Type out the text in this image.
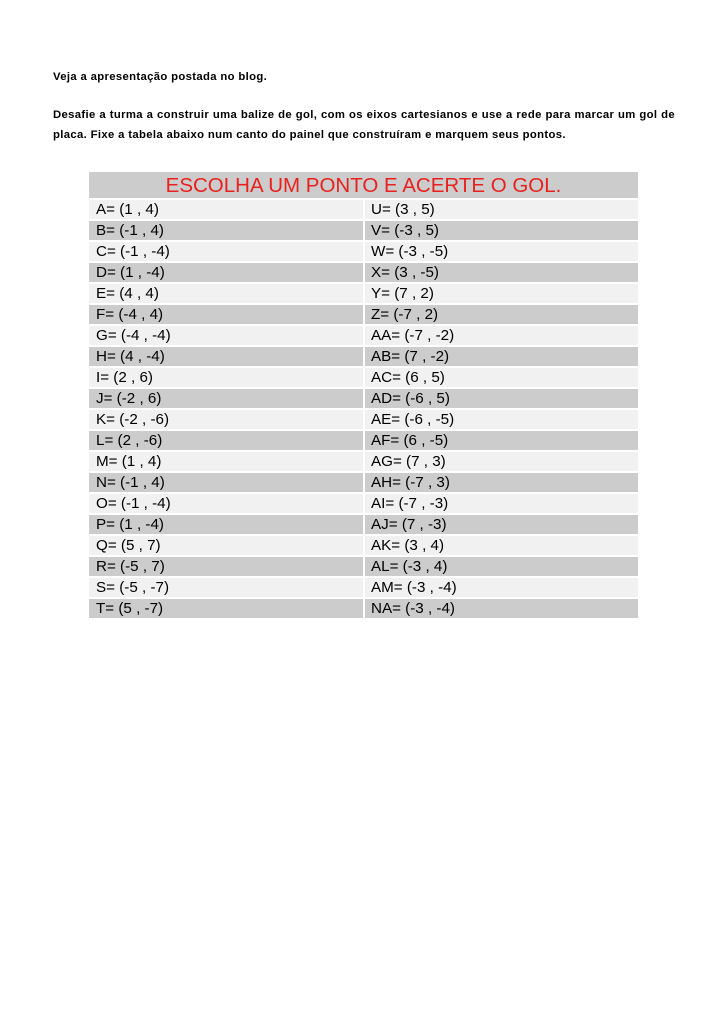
Veja a apresentação postada no blog.

Desafie a turma a construir uma balize de gol, com os eixos cartesianos e use a rede para marcar um gol de placa. Fixe a tabela abaixo num canto do painel que construíram e marquem seus pontos.

ESCOLHA UM PONTO E ACERTE O GOL.	
A= (1 , 4)	U= (3 , 5)
B= (-1 , 4)	V= (-3 , 5)
C= (-1 , -4)	W= (-3 , -5)
D= (1 , -4)	X= (3 , -5)
E= (4 , 4)	Y= (7 , 2)
F= (-4 , 4)	Z= (-7 , 2)
G= (-4 , -4)	AA= (-7 , -2)
H= (4 , -4)	AB= (7 , -2)
I= (2 , 6)	AC= (6 , 5)
J= (-2 , 6)	AD= (-6 , 5)
K= (-2 , -6)	AE= (-6 , -5)
L= (2 , -6)	AF= (6 , -5)
M= (1 , 4)	AG= (7 , 3)
N= (-1 , 4)	AH= (-7 , 3)
O= (-1 , -4)	AI= (-7 , -3)
P= (1 , -4)	AJ= (7 , -3)
Q= (5 , 7)	AK= (3 , 4)
R= (-5 , 7)	AL= (-3 , 4)
S= (-5 , -7)	AM= (-3 , -4)
T= (5 , -7)	NA= (-3 , -4)
